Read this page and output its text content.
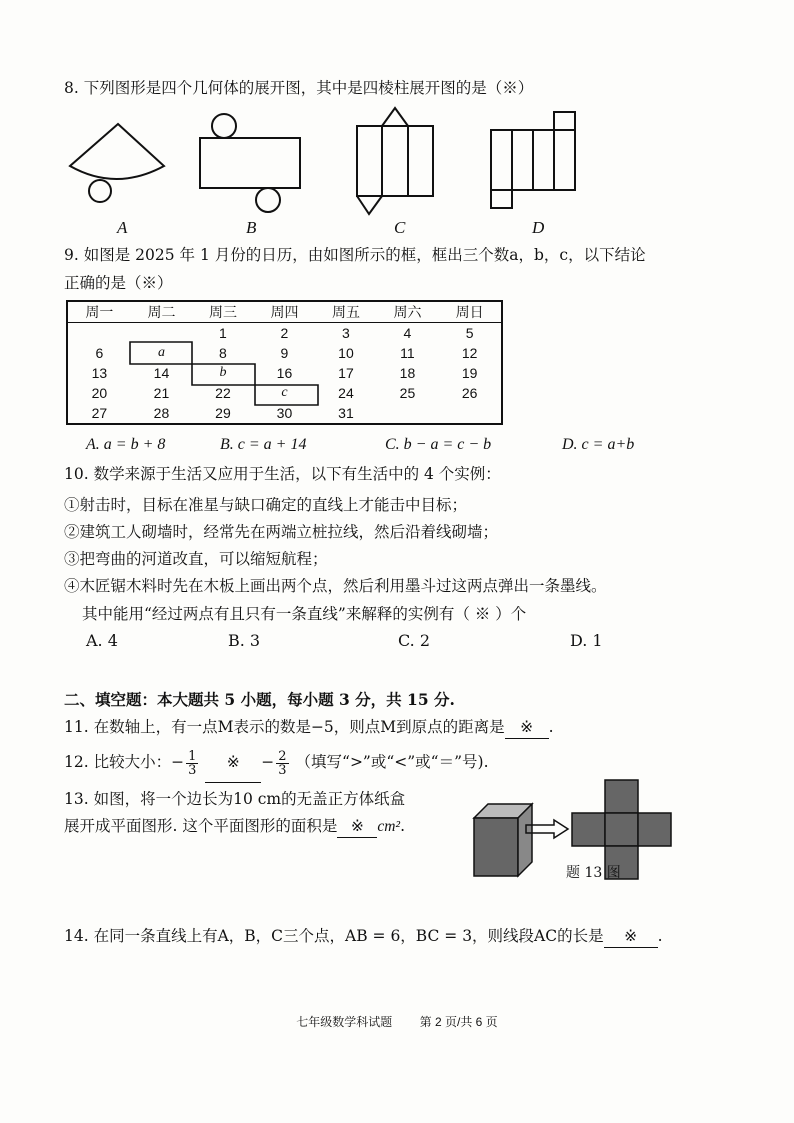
8. 下列图形是四个几何体的展开图，其中是四棱柱展开图的是（※）
A	B	C	D
9. 如图是 2025 年 1 月份的日历，由如图所示的框，框出三个数a，b，c，以下结论
正确的是（※）
周一	周二	周三	周四	周五	周六	周日
		1	2	3	4	5
6	a	8	9	10	11	12
13	14	b	16	17	18	19
20	21	22	c	24	25	26
27	28	29	30	31		
A. a = b + 8	B. c = a + 14	C. b − a = c − b	D. c = a+b
10. 数学来源于生活又应用于生活，以下有生活中的 4 个实例：
①射击时，目标在准星与缺口确定的直线上才能击中目标；
②建筑工人砌墙时，经常先在两端立桩拉线，然后沿着线砌墙；
③把弯曲的河道改直，可以缩短航程；
④木匠锯木料时先在木板上画出两个点，然后利用墨斗过这两点弹出一条墨线。
其中能用“经过两点有且只有一条直线”来解释的实例有（ ※ ）个
A. 4	B. 3	C. 2	D. 1
二、填空题：本大题共 5 小题，每小题 3 分，共 15 分.
11. 在数轴上，有一点M表示的数是−5，则点M到原点的距离是 ※ .
12. 比较大小：− $\frac{1}{3}$ ※ − $\frac{2}{3}$ （填写“>”或“<”或“＝”号).
13. 如图，将一个边长为10 cm的无盖正方体纸盒
展开成平面图形. 这个平面图形的面积是 ※ cm².
题 13 图
14. 在同一条直线上有A，B，C三个点，AB = 6，BC = 3，则线段AC的长是 ※ .
七年级数学科试题 第 2 页/共 6 页
